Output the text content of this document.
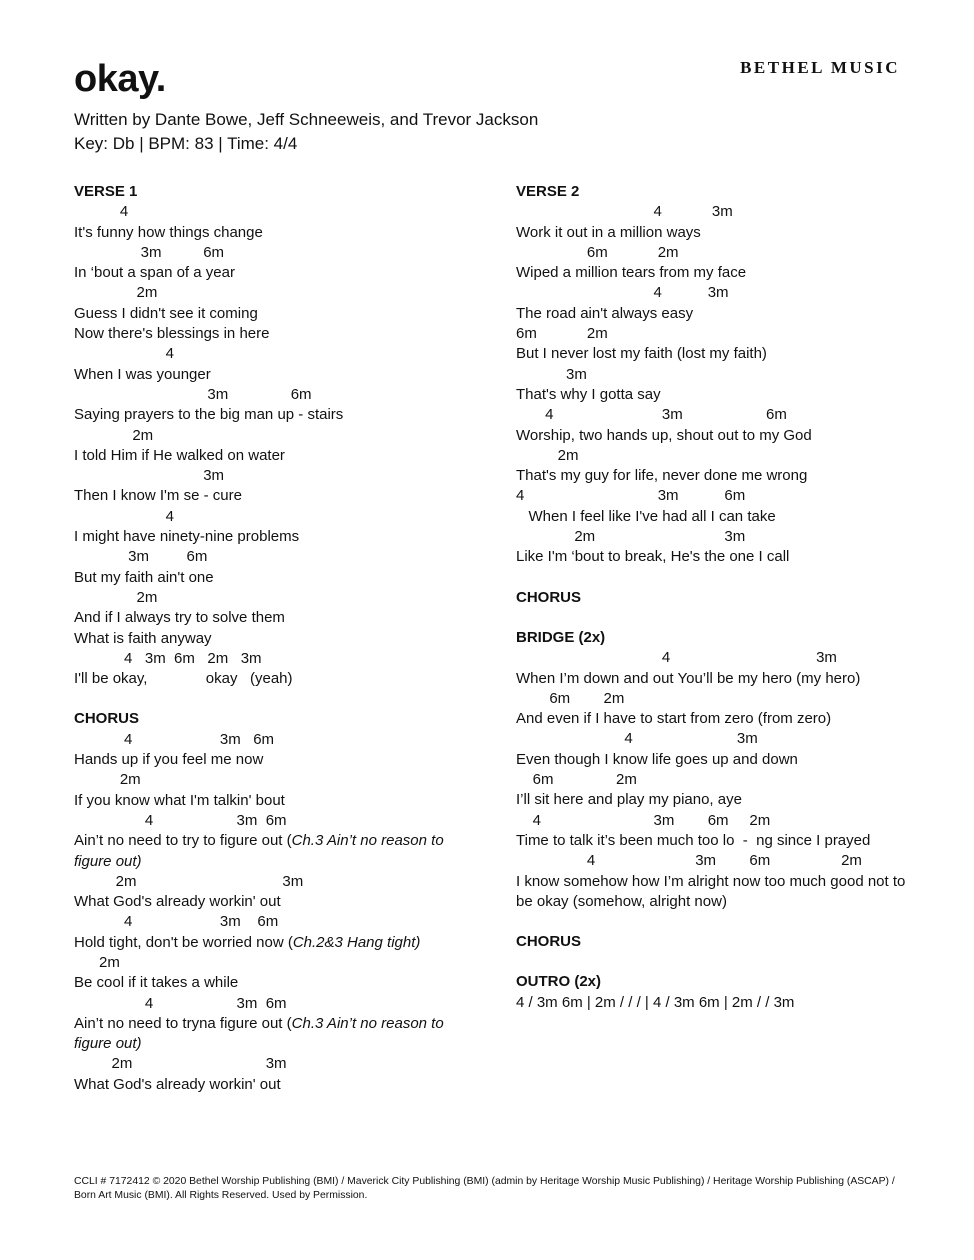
okay.	BETHEL MUSIC
Written by Dante Bowe, Jeff Schneeweis, and Trevor Jackson
Key: Db | BPM: 83 | Time: 4/4
VERSE 1
4
It's funny how things change
3m          6m
In ‘bout a span of a year
2m
Guess I didn't see it coming
Now there's blessings in here
4
When I was younger
3m               6m
Saying prayers to the big man up - stairs
2m
I told Him if He walked on water
3m
Then I know I'm se - cure
4
I might have ninety-nine problems
3m         6m
But my faith ain't one
2m
And if I always try to solve them
What is faith anyway
4   3m  6m   2m   3m
I'll be okay,              okay   (yeah)
CHORUS
4                     3m   6m
Hands up if you feel me now
2m
If you know what I'm talkin' bout
4                    3m  6m
Ain’t no need to try to figure out (Ch.3 Ain’t no reason to figure out)
2m                                   3m
What God's already workin' out
4                     3m    6m
Hold tight, don't be worried now (Ch.2&3 Hang tight)
2m
Be cool if it takes a while
4                    3m  6m
Ain’t no need to tryna figure out (Ch.3 Ain’t no reason to figure out)
2m                                3m
What God's already workin' out
VERSE 2
4            3m
Work it out in a million ways
6m            2m
Wiped a million tears from my face
4           3m
The road ain't always easy
6m            2m
But I never lost my faith (lost my faith)
3m
That's why I gotta say
4                          3m                    6m
Worship, two hands up, shout out to my God
2m
That's my guy for life, never done me wrong
4                                3m           6m
When I feel like I've had all I can take
2m                               3m
Like I'm ‘bout to break, He's the one I call
CHORUS
BRIDGE (2x)
4                                   3m
When I’m down and out You’ll be my hero (my hero)
6m        2m
And even if I have to start from zero (from zero)
4                         3m
Even though I know life goes up and down
6m               2m
I’ll sit here and play my piano, aye
4                           3m        6m     2m
Time to talk it’s been much too lo  -  ng since I prayed
4                        3m        6m                 2m
I know somehow how I’m alright now too much good not to be okay (somehow, alright now)
CHORUS
OUTRO (2x)
4 / 3m 6m | 2m / / / | 4 / 3m 6m | 2m / / 3m
CCLI # 7172412 © 2020 Bethel Worship Publishing (BMI) / Maverick City Publishing (BMI) (admin by Heritage Worship Music Publishing) / Heritage Worship Publishing (ASCAP) / Born Art Music (BMI). All Rights Reserved. Used by Permission.
